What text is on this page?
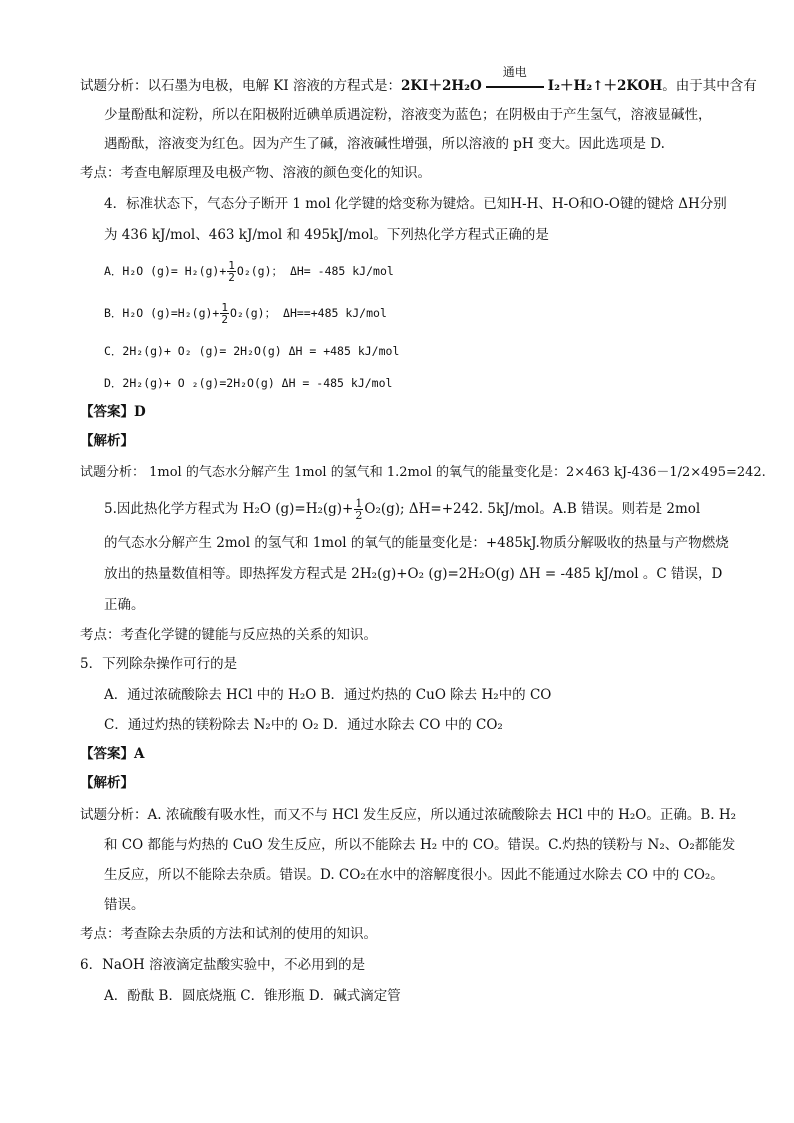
试题分析：以石墨为电极，电解 KI 溶液的方程式是：2KI＋2H₂O
通电
I₂＋H₂↑＋2KOH。由于其中含有
少量酚酞和淀粉，所以在阳极附近碘单质遇淀粉，溶液变为蓝色；在阴极由于产生氢气，溶液显碱性，
遇酚酞，溶液变为红色。因为产生了碱，溶液碱性增强，所以溶液的 pH 变大。因此选项是 D.
考点：考查电解原理及电极产物、溶液的颜色变化的知识。
4．标准状态下，气态分子断开 1 mol 化学键的焓变称为键焓。已知H-H、H-O和O-O键的键焓 ΔH分别
为 436 kJ/mol、463 kJ/mol 和 495kJ/mol。下列热化学方程式正确的是
A．H₂O $(g)= H_2(g)+ \frac{1}{2} O_2(g)$； ΔH= -485 kJ/mol
B．H₂O $(g)=H_2(g)+ \frac{1}{2} O_2(g)$； ΔH==+485 kJ/mol
C．2H₂(g)+ O₂ (g)= 2H₂O(g) ΔH = +485 kJ/mol
D．2H₂(g)+ O ₂(g)=2H₂O(g) ΔH = -485 kJ/mol
【答案】D
【解析】
试题分析： 1mol 的气态水分解产生 1mol 的氢气和 1.2mol 的氧气的能量变化是：2×463 kJ-436－1/2×495=242.
5.因此热化学方程式为 H₂O $(g)=H_2(g)+ \frac{1}{2} O_2(g)$; ΔH=+242. 5kJ/mol。A.B 错误。则若是 2mol
的气态水分解产生 2mol 的氢气和 1mol 的氧气的能量变化是：+485kJ.物质分解吸收的热量与产物燃烧
放出的热量数值相等。即热挥发方程式是 2H₂(g)+O₂ (g)=2H₂O(g) ΔH = -485 kJ/mol 。C 错误，D
正确。
考点：考查化学键的键能与反应热的关系的知识。
5．下列除杂操作可行的是
A．通过浓硫酸除去 HCl 中的 H₂O B．通过灼热的 CuO 除去 H₂中的 CO
C．通过灼热的镁粉除去 N₂中的 O₂ D．通过水除去 CO 中的 CO₂
【答案】A
【解析】
试题分析：A. 浓硫酸有吸水性，而又不与 HCl 发生反应，所以通过浓硫酸除去 HCl 中的 H₂O。正确。B. H₂
和 CO 都能与灼热的 CuO 发生反应，所以不能除去 H₂ 中的 CO。错误。C.灼热的镁粉与 N₂、O₂都能发
生反应，所以不能除去杂质。错误。D. CO₂在水中的溶解度很小。因此不能通过水除去 CO 中的 CO₂。
错误。
考点：考查除去杂质的方法和试剂的使用的知识。
6．NaOH 溶液滴定盐酸实验中，不必用到的是
A．酚酞 B．圆底烧瓶 C．锥形瓶 D．碱式滴定管
